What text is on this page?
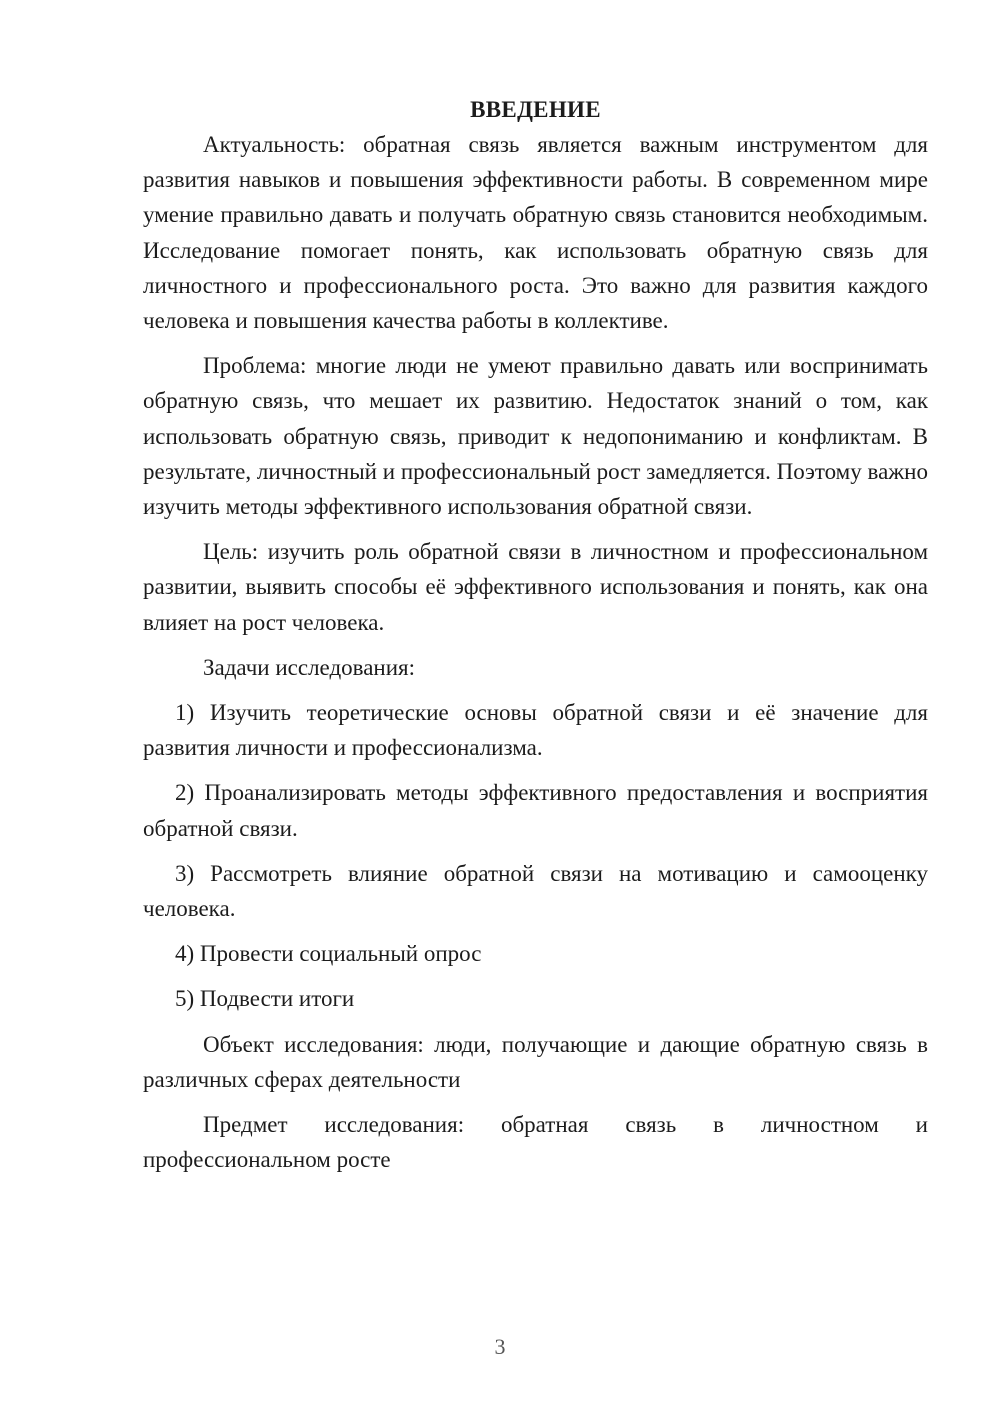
ВВЕДЕНИЕ

Актуальность: обратная связь является важным инструментом для развития навыков и повышения эффективности работы. В современном мире умение правильно давать и получать обратную связь становится необходимым. Исследование помогает понять, как использовать обратную связь для личностного и профессионального роста. Это важно для развития каждого человека и повышения качества работы в коллективе.

Проблема: многие люди не умеют правильно давать или воспринимать обратную связь, что мешает их развитию. Недостаток знаний о том, как использовать обратную связь, приводит к недопониманию и конфликтам. В результате, личностный и профессиональный рост замедляется. Поэтому важно изучить методы эффективного использования обратной связи.

Цель: изучить роль обратной связи в личностном и профессиональном развитии, выявить способы её эффективного использования и понять, как она влияет на рост человека.

Задачи исследования:

1) Изучить теоретические основы обратной связи и её значение для развития личности и профессионализма.

2) Проанализировать методы эффективного предоставления и восприятия обратной связи.

3) Рассмотреть влияние обратной связи на мотивацию и самооценку человека.

4) Провести социальный опрос

5) Подвести итоги

Объект исследования: люди, получающие и дающие обратную связь в различных сферах деятельности

Предмет исследования: обратная связь в личностном и профессиональном росте

3
